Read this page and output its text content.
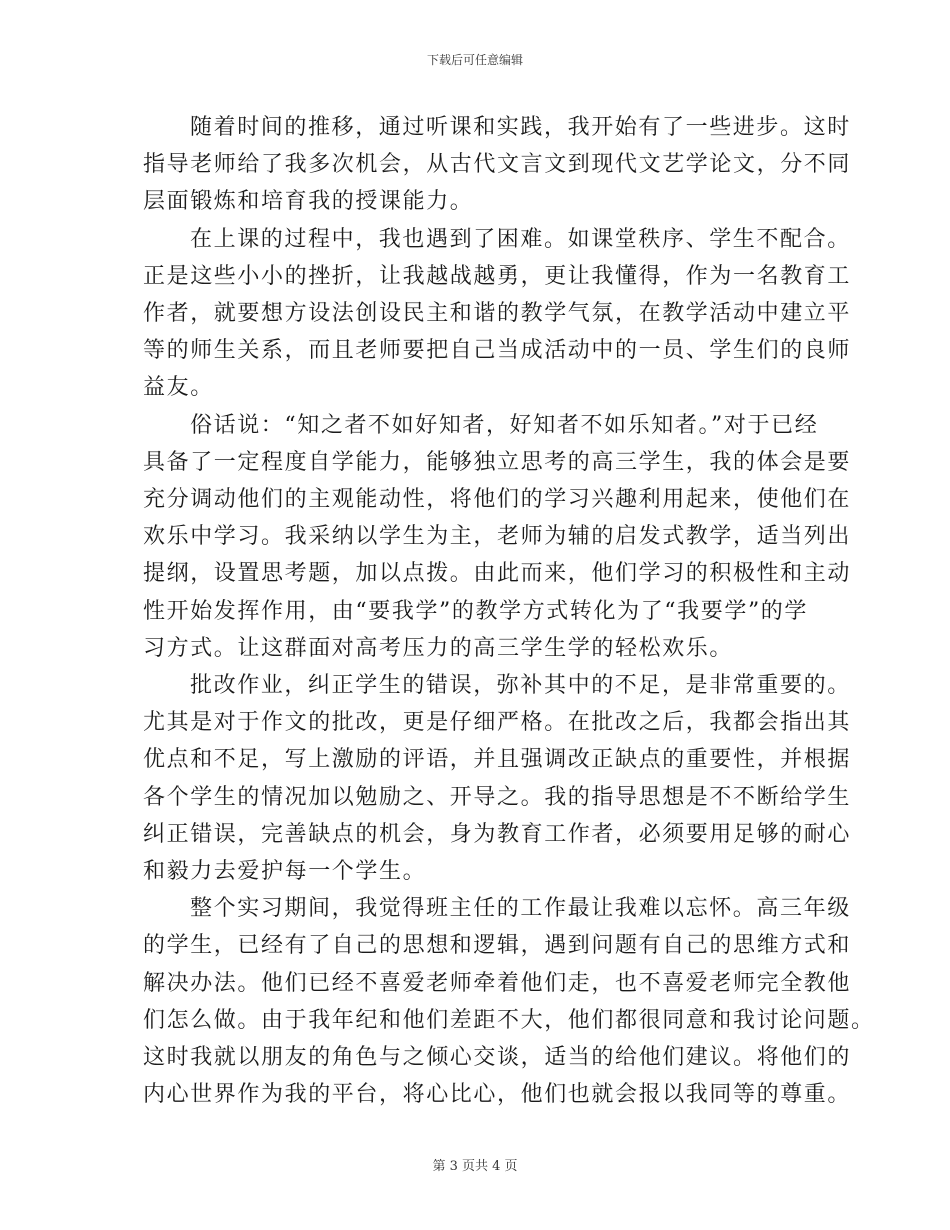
下载后可任意编辑

随着时间的推移，通过听课和实践，我开始有了一些进步。这时
指导老师给了我多次机会，从古代文言文到现代文艺学论文，分不同
层面锻炼和培育我的授课能力。

在上课的过程中，我也遇到了困难。如课堂秩序、学生不配合。
正是这些小小的挫折，让我越战越勇，更让我懂得，作为一名教育工
作者，就要想方设法创设民主和谐的教学气氛，在教学活动中建立平
等的师生关系，而且老师要把自己当成活动中的一员、学生们的良师
益友。

俗话说：“知之者不如好知者，好知者不如乐知者。”对于已经
具备了一定程度自学能力，能够独立思考的高三学生，我的体会是要
充分调动他们的主观能动性，将他们的学习兴趣利用起来，使他们在
欢乐中学习。我采纳以学生为主，老师为辅的启发式教学，适当列出
提纲，设置思考题，加以点拨。由此而来，他们学习的积极性和主动
性开始发挥作用，由“要我学”的教学方式转化为了“我要学”的学
习方式。让这群面对高考压力的高三学生学的轻松欢乐。

批改作业，纠正学生的错误，弥补其中的不足，是非常重要的。
尤其是对于作文的批改，更是仔细严格。在批改之后，我都会指出其
优点和不足，写上激励的评语，并且强调改正缺点的重要性，并根据
各个学生的情况加以勉励之、开导之。我的指导思想是不不断给学生
纠正错误，完善缺点的机会，身为教育工作者，必须要用足够的耐心
和毅力去爱护每一个学生。

整个实习期间，我觉得班主任的工作最让我难以忘怀。高三年级
的学生，已经有了自己的思想和逻辑，遇到问题有自己的思维方式和
解决办法。他们已经不喜爱老师牵着他们走，也不喜爱老师完全教他
们怎么做。由于我年纪和他们差距不大，他们都很同意和我讨论问题。
这时我就以朋友的角色与之倾心交谈，适当的给他们建议。将他们的
内心世界作为我的平台，将心比心，他们也就会报以我同等的尊重。

第 3 页共 4 页
